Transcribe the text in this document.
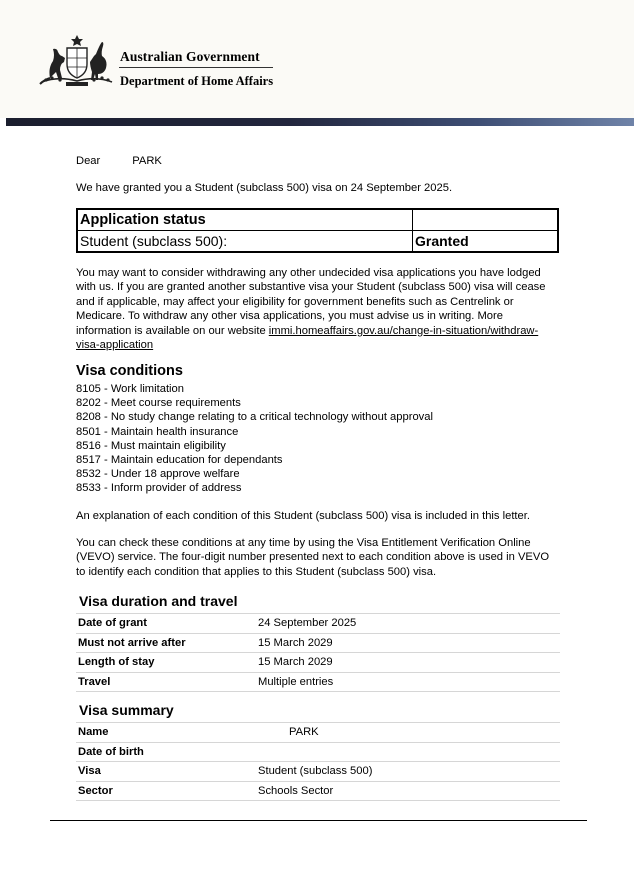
Australian Government
Department of Home Affairs
Dear	PARK
We have granted you a Student (subclass 500) visa on 24 September 2025.
Application status
Student (subclass 500):	Granted
You may want to consider withdrawing any other undecided visa applications you have lodged with us. If you are granted another substantive visa your Student (subclass 500) visa will cease and if applicable, may affect your eligibility for government benefits such as Centrelink or Medicare. To withdraw any other visa applications, you must advise us in writing. More information is available on our website immi.homeaffairs.gov.au/change-in-situation/withdraw-visa-application
Visa conditions
8105 - Work limitation
8202 - Meet course requirements
8208 - No study change relating to a critical technology without approval
8501 - Maintain health insurance
8516 - Must maintain eligibility
8517 - Maintain education for dependants
8532 - Under 18 approve welfare
8533 - Inform provider of address
An explanation of each condition of this Student (subclass 500) visa is included in this letter.
You can check these conditions at any time by using the Visa Entitlement Verification Online (VEVO) service. The four-digit number presented next to each condition above is used in VEVO to identify each condition that applies to this Student (subclass 500) visa.
Visa duration and travel
Date of grant	24 September 2025
Must not arrive after	15 March 2029
Length of stay	15 March 2029
Travel	Multiple entries
Visa summary
Name	PARK
Date of birth	
Visa	Student (subclass 500)
Sector	Schools Sector
